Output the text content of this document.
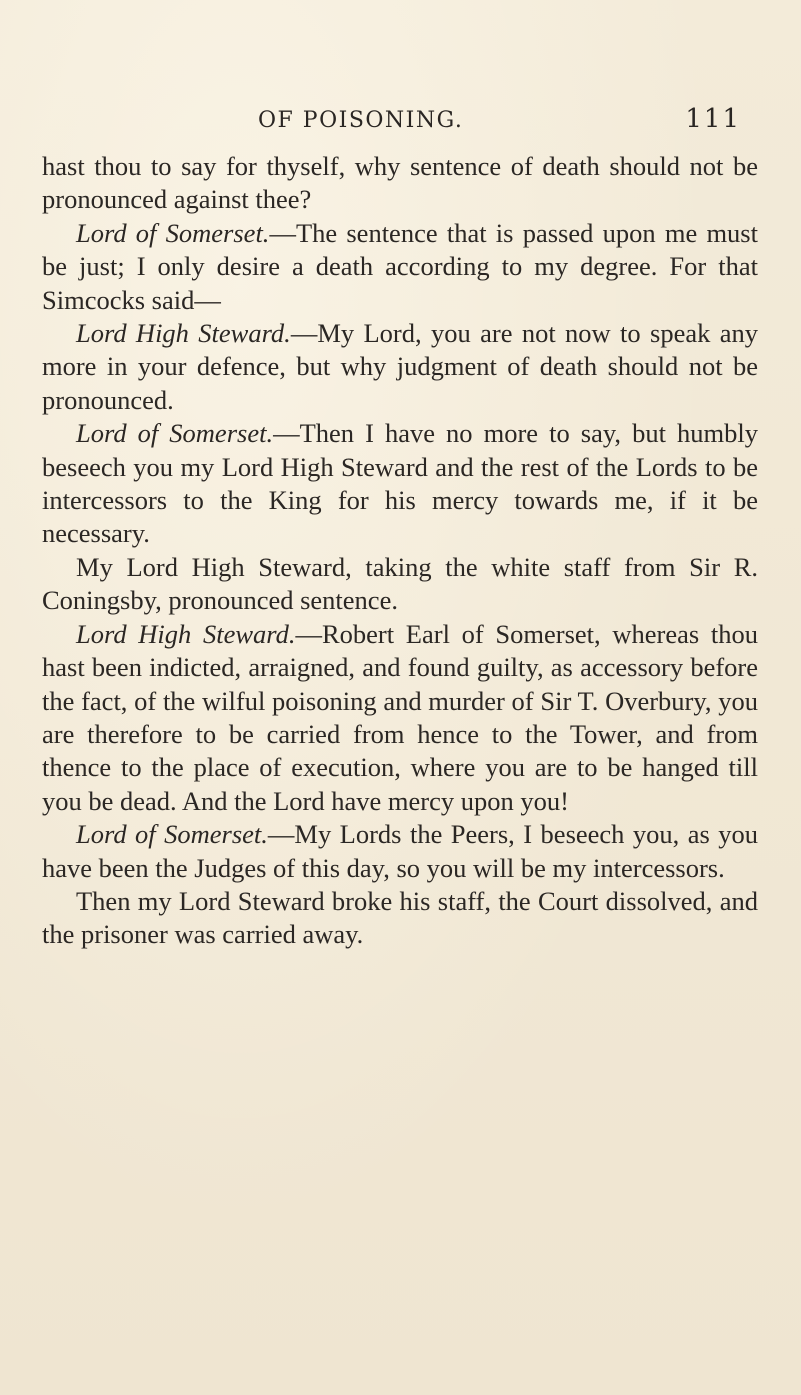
OF POISONING.	111

hast thou to say for thyself, why sentence of death should not be pronounced against thee?

Lord of Somerset.—The sentence that is passed upon me must be just; I only desire a death according to my degree. For that Simcocks said—

Lord High Steward.—My Lord, you are not now to speak any more in your defence, but why judgment of death should not be pronounced.

Lord of Somerset.—Then I have no more to say, but humbly beseech you my Lord High Steward and the rest of the Lords to be intercessors to the King for his mercy towards me, if it be necessary.

My Lord High Steward, taking the white staff from Sir R. Coningsby, pronounced sentence.

Lord High Steward.—Robert Earl of Somerset, whereas thou hast been indicted, arraigned, and found guilty, as accessory before the fact, of the wilful poisoning and murder of Sir T. Overbury, you are therefore to be carried from hence to the Tower, and from thence to the place of execution, where you are to be hanged till you be dead. And the Lord have mercy upon you!

Lord of Somerset.—My Lords the Peers, I beseech you, as you have been the Judges of this day, so you will be my intercessors.

Then my Lord Steward broke his staff, the Court dissolved, and the prisoner was carried away.
